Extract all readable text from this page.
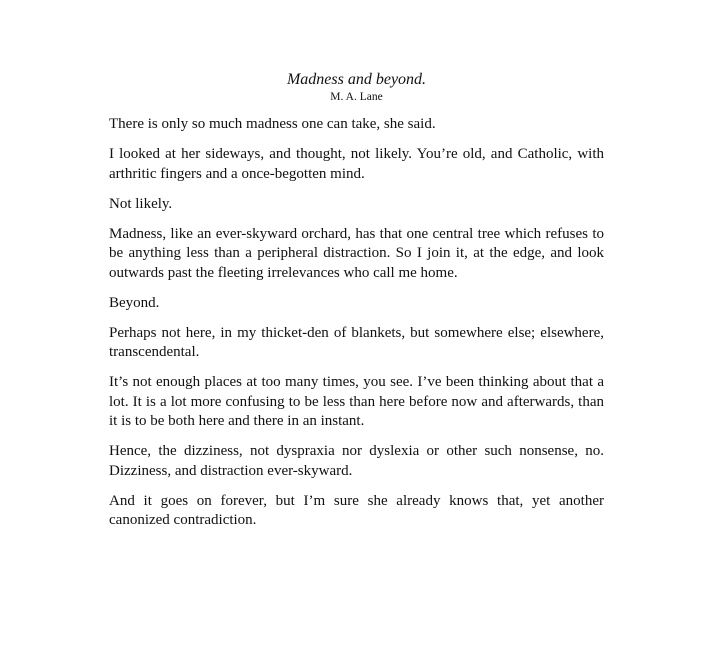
Madness and beyond.

M. A. Lane

There is only so much madness one can take, she said.

I looked at her sideways, and thought, not likely. You’re old, and Catholic, with arthritic fingers and a once-begotten mind.

Not likely.

Madness, like an ever-skyward orchard, has that one central tree which refuses to be anything less than a peripheral distraction. So I join it, at the edge, and look outwards past the fleeting irrelevances who call me home.

Beyond.

Perhaps not here, in my thicket-den of blankets, but somewhere else; elsewhere, transcendental.

It’s not enough places at too many times, you see. I’ve been thinking about that a lot. It is a lot more confusing to be less than here before now and afterwards, than it is to be both here and there in an instant.

Hence, the dizziness, not dyspraxia nor dyslexia or other such nonsense, no. Dizziness, and distraction ever-skyward.

And it goes on forever, but I’m sure she already knows that, yet another canonized contradiction.
